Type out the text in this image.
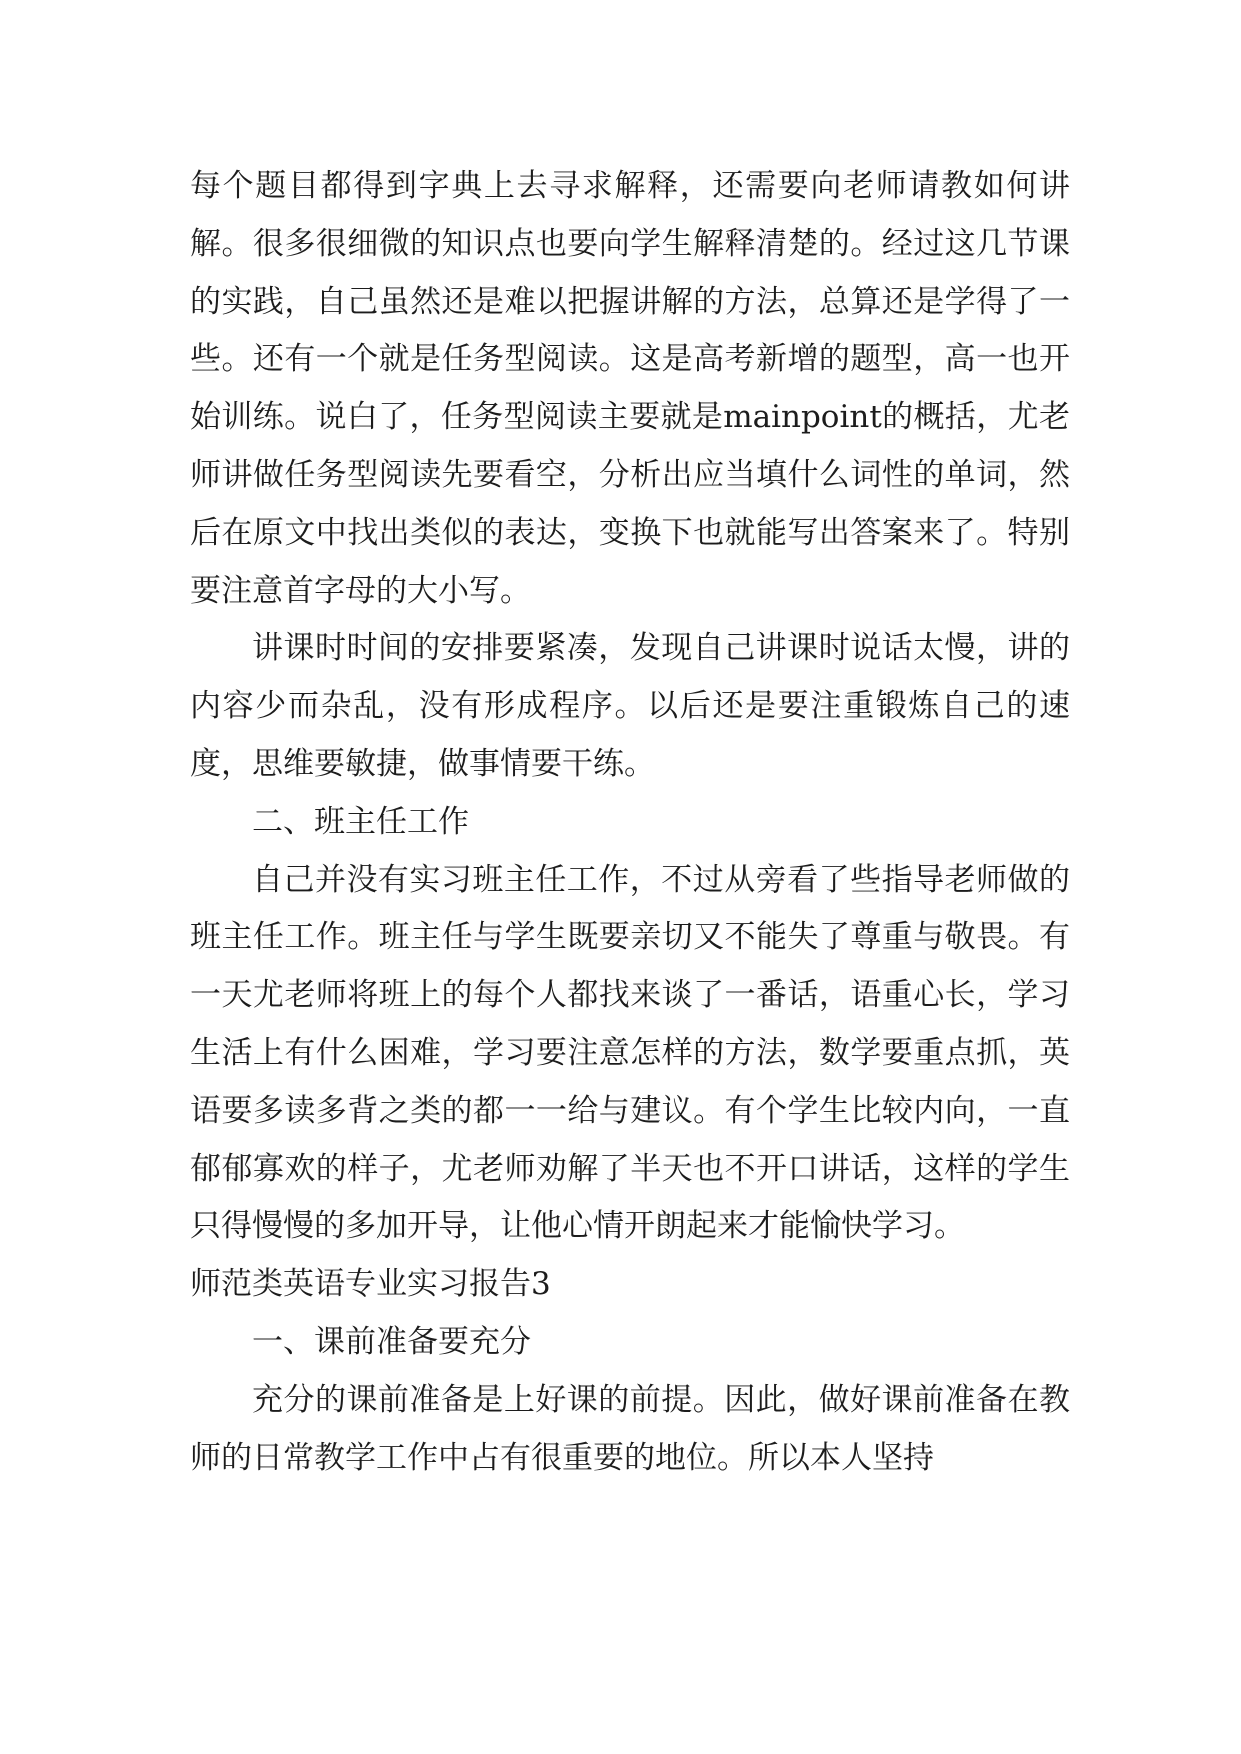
每个题目都得到字典上去寻求解释，还需要向老师请教如何讲解。很多很细微的知识点也要向学生解释清楚的。经过这几节课的实践，自己虽然还是难以把握讲解的方法，总算还是学得了一些。还有一个就是任务型阅读。这是高考新增的题型，高一也开始训练。说白了，任务型阅读主要就是mainpoint的概括，尤老师讲做任务型阅读先要看空，分析出应当填什么词性的单词，然后在原文中找出类似的表达，变换下也就能写出答案来了。特别要注意首字母的大小写。

讲课时时间的安排要紧凑，发现自己讲课时说话太慢，讲的内容少而杂乱，没有形成程序。以后还是要注重锻炼自己的速度，思维要敏捷，做事情要干练。

二、班主任工作

自己并没有实习班主任工作，不过从旁看了些指导老师做的班主任工作。班主任与学生既要亲切又不能失了尊重与敬畏。有一天尤老师将班上的每个人都找来谈了一番话，语重心长，学习生活上有什么困难，学习要注意怎样的方法，数学要重点抓，英语要多读多背之类的都一一给与建议。有个学生比较内向，一直郁郁寡欢的样子，尤老师劝解了半天也不开口讲话，这样的学生只得慢慢的多加开导，让他心情开朗起来才能愉快学习。

师范类英语专业实习报告3

一、课前准备要充分

充分的课前准备是上好课的前提。因此，做好课前准备在教师的日常教学工作中占有很重要的地位。所以本人坚持
